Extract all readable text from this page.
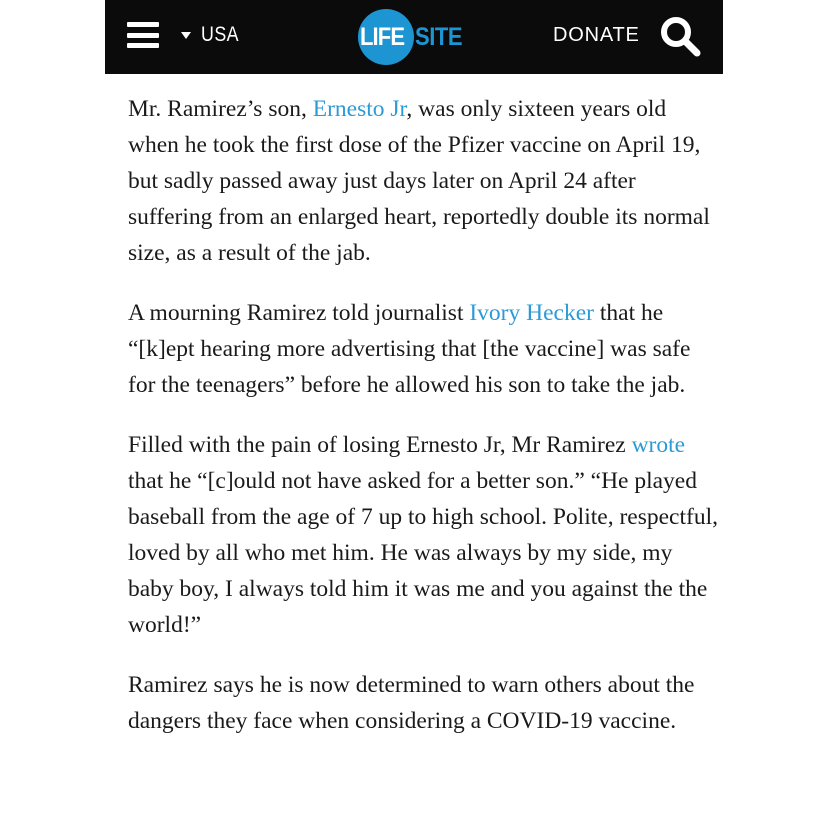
USA	LIFE SITE	DONATE

Mr. Ramirez’s son, Ernesto Jr, was only sixteen years old when he took the first dose of the Pfizer vaccine on April 19, but sadly passed away just days later on April 24 after suffering from an enlarged heart, reportedly double its normal size, as a result of the jab.

A mourning Ramirez told journalist Ivory Hecker that he “[k]ept hearing more advertising that [the vaccine] was safe for the teenagers” before he allowed his son to take the jab.

Filled with the pain of losing Ernesto Jr, Mr Ramirez wrote that he “[c]ould not have asked for a better son.” “He played baseball from the age of 7 up to high school. Polite, respectful, loved by all who met him. He was always by my side, my baby boy, I always told him it was me and you against the the world!”

Ramirez says he is now determined to warn others about the dangers they face when considering a COVID-19 vaccine.
